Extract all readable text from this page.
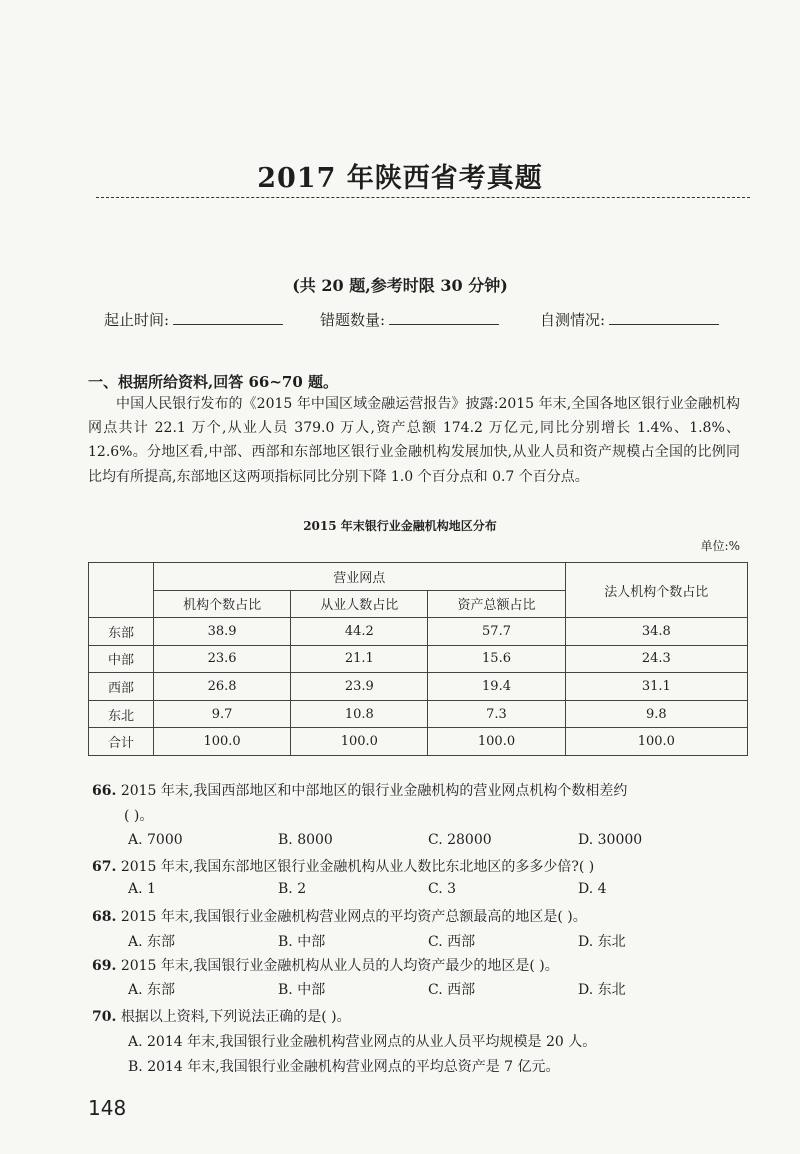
2017 年陕西省考真题
(共 20 题,参考时限 30 分钟)
起止时间:	错题数量:	自测情况:
一、根据所给资料,回答 66~70 题。
中国人民银行发布的《2015 年中国区域金融运营报告》披露:2015 年末,全国各地区银行业金融机构网点共计 22.1 万个,从业人员 379.0 万人,资产总额 174.2 万亿元,同比分别增长 1.4%、1.8%、12.6%。分地区看,中部、西部和东部地区银行业金融机构发展加快,从业人员和资产规模占全国的比例同比均有所提高,东部地区这两项指标同比分别下降 1.0 个百分点和 0.7 个百分点。
2015 年末银行业金融机构地区分布
单位:%
	营业网点			法人机构个数占比
	机构个数占比	从业人数占比	资产总额占比	
东部	38.9	44.2	57.7	34.8
中部	23.6	21.1	15.6	24.3
西部	26.8	23.9	19.4	31.1
东北	9.7	10.8	7.3	9.8
合计	100.0	100.0	100.0	100.0
66. 2015 年末,我国西部地区和中部地区的银行业金融机构的营业网点机构个数相差约
( )。
A. 7000	B. 8000	C. 28000	D. 30000
67. 2015 年末,我国东部地区银行业金融机构从业人数比东北地区的多多少倍?( )
A. 1	B. 2	C. 3	D. 4
68. 2015 年末,我国银行业金融机构营业网点的平均资产总额最高的地区是( )。
A. 东部	B. 中部	C. 西部	D. 东北
69. 2015 年末,我国银行业金融机构从业人员的人均资产最少的地区是( )。
A. 东部	B. 中部	C. 西部	D. 东北
70. 根据以上资料,下列说法正确的是( )。
A. 2014 年末,我国银行业金融机构营业网点的从业人员平均规模是 20 人。
B. 2014 年末,我国银行业金融机构营业网点的平均总资产是 7 亿元。
148
